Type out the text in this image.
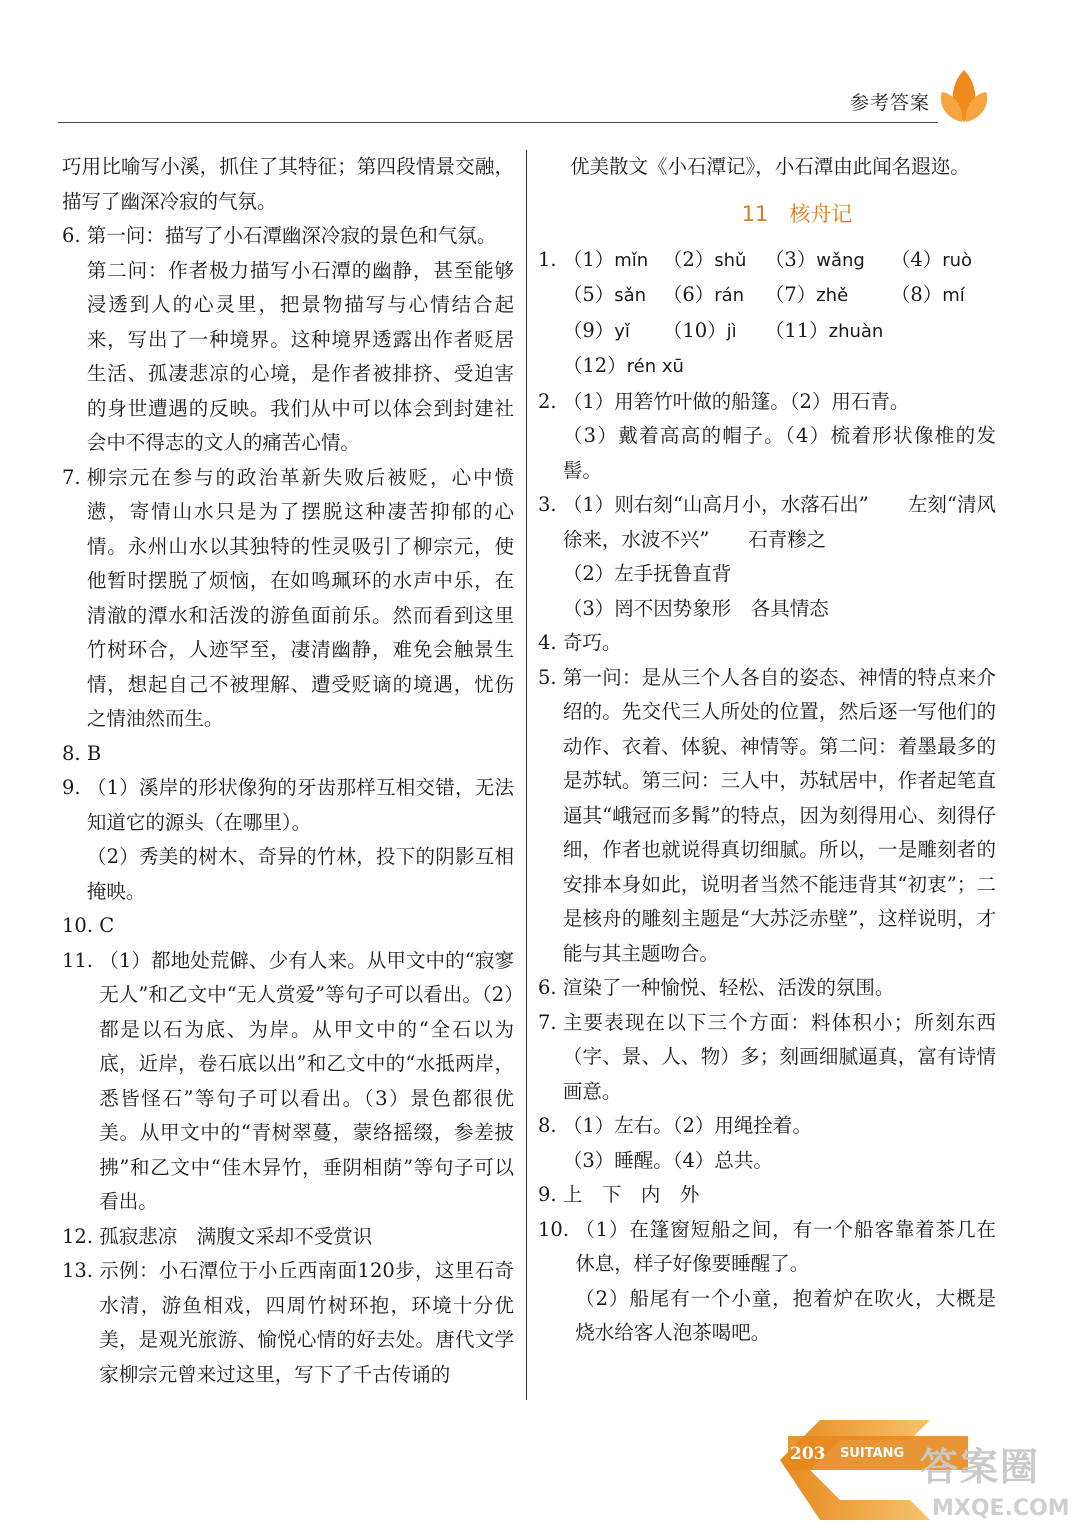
参考答案
巧用比喻写小溪，抓住了其特征；第四段情景交融，描写了幽深冷寂的气氛。
6. 第一问：描写了小石潭幽深冷寂的景色和气氛。
第二问：作者极力描写小石潭的幽静，甚至能够浸透到人的心灵里，把景物描写与心情结合起来，写出了一种境界。这种境界透露出作者贬居生活、孤凄悲凉的心境，是作者被排挤、受迫害的身世遭遇的反映。我们从中可以体会到封建社会中不得志的文人的痛苦心情。
7. 柳宗元在参与的政治革新失败后被贬，心中愤懑，寄情山水只是为了摆脱这种凄苦抑郁的心情。永州山水以其独特的性灵吸引了柳宗元，使他暂时摆脱了烦恼，在如鸣珮环的水声中乐，在清澈的潭水和活泼的游鱼面前乐。然而看到这里竹树环合，人迹罕至，凄清幽静，难免会触景生情，想起自己不被理解、遭受贬谪的境遇，忧伤之情油然而生。
8. B
9. （1）溪岸的形状像狗的牙齿那样互相交错，无法知道它的源头（在哪里）。
（2）秀美的树木、奇异的竹林，投下的阴影互相掩映。
10. C
11. （1）都地处荒僻、少有人来。从甲文中的“寂寥无人”和乙文中“无人赏爱”等句子可以看出。（2）都是以石为底、为岸。从甲文中的“全石以为底，近岸，卷石底以出”和乙文中的“水抵两岸，悉皆怪石”等句子可以看出。（3）景色都很优美。从甲文中的“青树翠蔓，蒙络摇缀，参差披拂”和乙文中“佳木异竹，垂阴相荫”等句子可以看出。
12. 孤寂悲凉　满腹文采却不受赏识
13. 示例：小石潭位于小丘西南面120步，这里石奇水清，游鱼相戏，四周竹树环抱，环境十分优美，是观光旅游、愉悦心情的好去处。唐代文学家柳宗元曾来过这里，写下了千古传诵的
优美散文《小石潭记》，小石潭由此闻名遐迩。
11　核舟记
1. （1）mǐn （2）shǔ （3）wǎng	（4）ruò
（5）sǎn （6）rán	（7）zhě	（8）mí
（9）yǐ	（10）jì	（11）zhuàn
（12）rén xū
2. （1）用箬竹叶做的船篷。（2）用石青。
（3）戴着高高的帽子。（4）梳着形状像椎的发髻。
3. （1）则右刻“山高月小，水落石出”　　左刻“清风徐来，水波不兴”　　石青糁之
（2）左手抚鲁直背
（3）罔不因势象形　各具情态
4. 奇巧。
5. 第一问：是从三个人各自的姿态、神情的特点来介绍的。先交代三人所处的位置，然后逐一写他们的动作、衣着、体貌、神情等。第二问：着墨最多的是苏轼。第三问：三人中，苏轼居中，作者起笔直逼其“峨冠而多髯”的特点，因为刻得用心、刻得仔细，作者也就说得真切细腻。所以，一是雕刻者的安排本身如此，说明者当然不能违背其“初衷”；二是核舟的雕刻主题是“大苏泛赤壁”，这样说明，才能与其主题吻合。
6. 渲染了一种愉悦、轻松、活泼的氛围。
7. 主要表现在以下三个方面：料体积小；所刻东西（字、景、人、物）多；刻画细腻逼真，富有诗情画意。
8. （1）左右。（2）用绳拴着。
（3）睡醒。（4）总共。
9. 上　下　内　外
10. （1）在篷窗短船之间，有一个船客靠着茶几在休息，样子好像要睡醒了。
（2）船尾有一个小童，抱着炉在吹火，大概是烧水给客人泡茶喝吧。
203 SUITANG 答案圈
MXQE.COM
